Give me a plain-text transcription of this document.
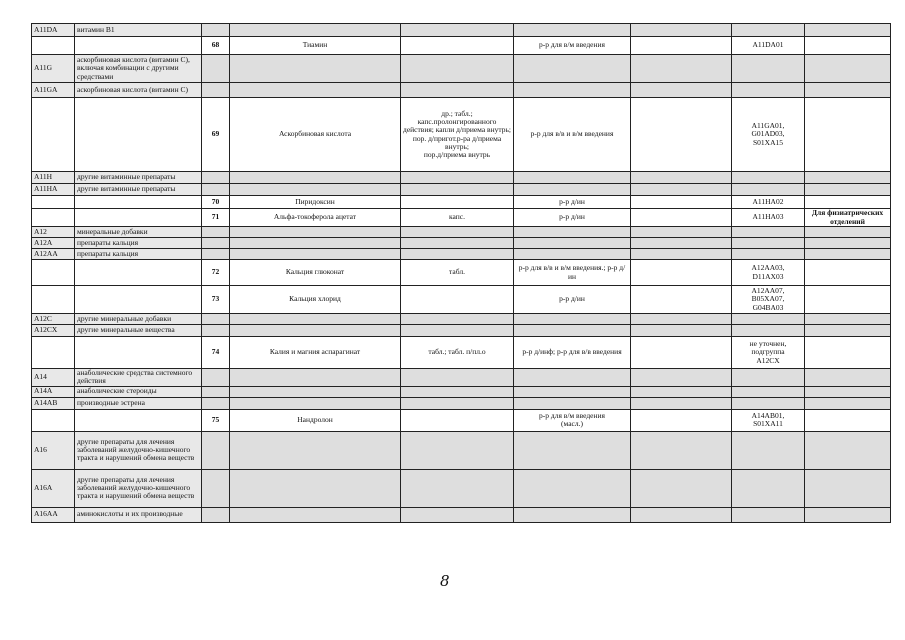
A11DA	витамин B1							
		68	Тиамин		р-р для в/м введения		A11DA01	
A11G	аскорбиновая кислота (витамин С), включая комбинации с другими средствами							
A11GA	аскорбиновая кислота (витамин С)							
		69	Аскорбиновая кислота	др.; табл.;
капс.пролонгированного действия; капли д/приема внутрь; пор. д/пригот.р-ра д/приема внутрь;
пор.д/приема внутрь	р-р для в/в и в/м введения		A11GA01,
G01AD03,
S01XA15	
A11H	другие витаминные препараты							
A11HA	другие витаминные препараты							
		70	Пиридоксин		р-р д/ин		A11HA02	
		71	Альфа-токоферола ацетат	капс.	р-р д/ин		A11HA03	Для физиатрических отделений
A12	минеральные добавки							
A12A	препараты кальция							
A12AA	препараты кальция							
		72	Кальция глюконат	табл.	р-р для в/в и в/м введения.; р-р д/ин		A12AA03,
D11AX03	
		73	Кальция хлорид		р-р д/ин		A12AA07,
B05XA07,
G04BA03	
A12C	другие минеральные добавки							
A12CX	другие минеральные вещества							
		74	Калия и магния аспарагинат	табл.; табл. п/пл.о	р-р д/инф; р-р для в/в введения		не уточнен,
подгруппа
A12CX	
A14	анаболические средства системного действия							
A14A	анаболические стероиды							
A14AB	производные эстрена							
		75	Нандролон		р-р для в/м введения
(масл.)		A14AB01,
S01XA11	
A16	другие препараты для лечения заболеваний желудочно-кишечного тракта и нарушений обмена веществ							
A16A	другие препараты для лечения заболеваний желудочно-кишечного тракта и нарушений обмена веществ							
A16AA	аминокислоты и их производные							
8
